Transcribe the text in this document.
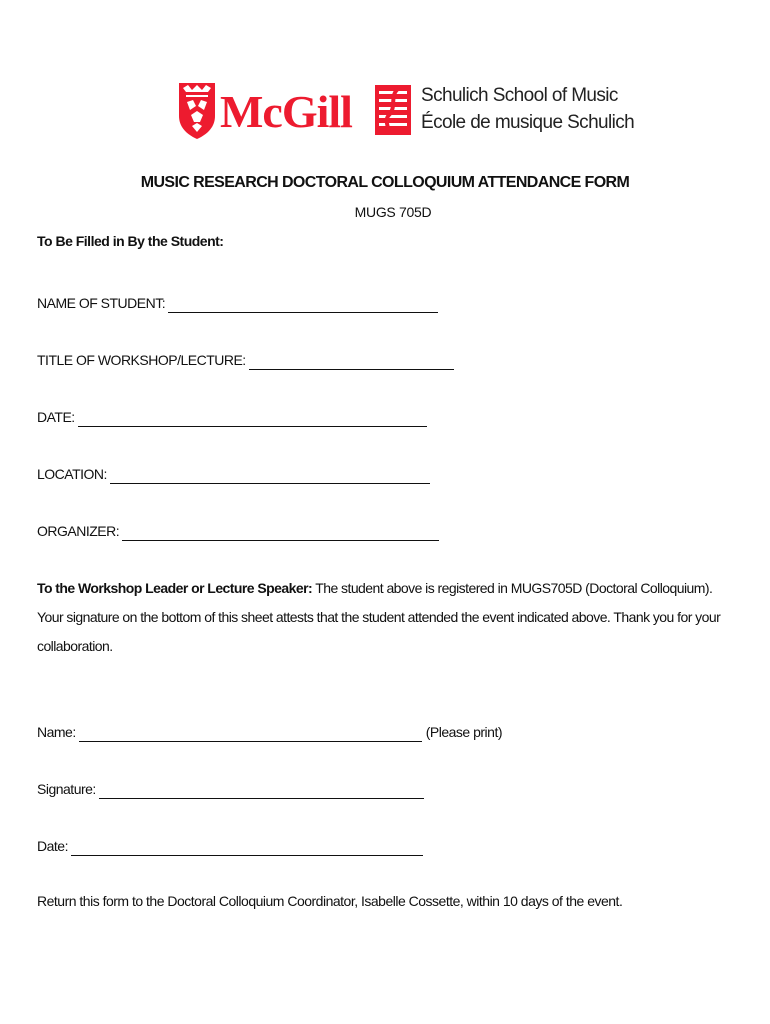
McGill	Schulich School of Music
École de musique Schulich
MUSIC RESEARCH DOCTORAL COLLOQUIUM ATTENDANCE FORM
MUGS 705D
To Be Filled in By the Student:
NAME OF STUDENT:
TITLE OF WORKSHOP/LECTURE:
DATE:
LOCATION:
ORGANIZER:
To the Workshop Leader or Lecture Speaker: The student above is registered in MUGS705D (Doctoral Colloquium). Your signature on the bottom of this sheet attests that the student attended the event indicated above. Thank you for your collaboration.
Name:	(Please print)
Signature:
Date:
Return this form to the Doctoral Colloquium Coordinator, Isabelle Cossette, within 10 days of the event.
